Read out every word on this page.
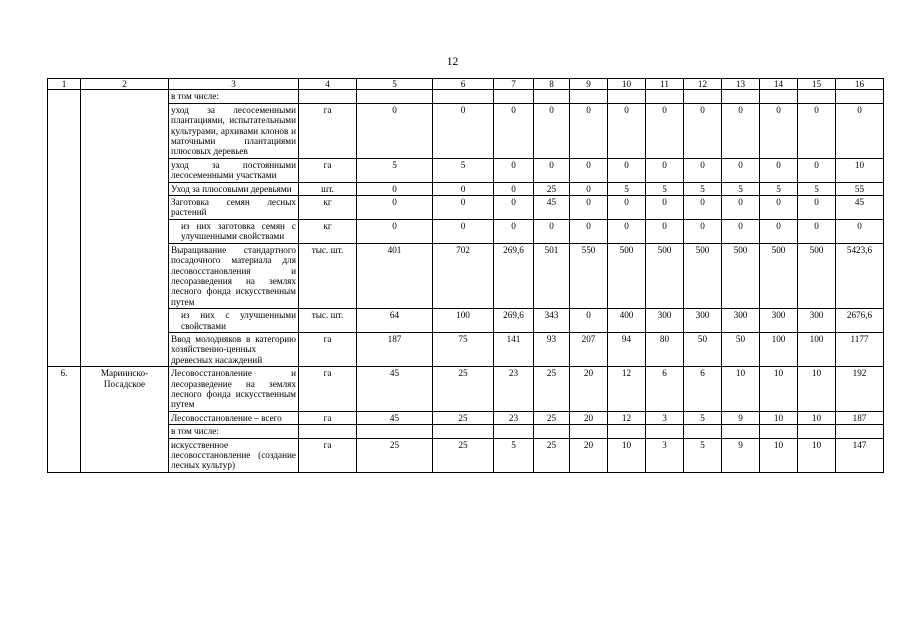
12
1	2	3	4	5	6	7	8	9	10	11	12	13	14	15	16
		в том числе:													
		уход за лесосеменными плантациями, испытательными культурами, архивами клонов и маточными плантациями плюсовых деревьев	га	0	0	0	0	0	0	0	0	0	0	0	0
		уход за постоянными лесосеменными участками	га	5	5	0	0	0	0	0	0	0	0	0	10
		Уход за плюсовыми деревьями	шт.	0	0	0	25	0	5	5	5	5	5	5	55
		Заготовка семян лесных растений	кг	0	0	0	45	0	0	0	0	0	0	0	45
		из них заготовка семян с улучшенными свойствами	кг	0	0	0	0	0	0	0	0	0	0	0	0
		Выращивание стандартного посадочного материала для лесовосстановления и лесоразведения на землях лесного фонда искусственным путем	тыс. шт.	401	702	269,6	501	550	500	500	500	500	500	500	5423,6
		из них с улучшенными свойствами	тыс. шт.	64	100	269,6	343	0	400	300	300	300	300	300	2676,6
		Ввод молодняков в категорию хозяйственно-ценных древесных насаждений	га	187	75	141	93	207	94	80	50	50	100	100	1177
6.	Мариинско-Посадское	Лесовосстановление и лесоразведение на землях лесного фонда искусственным путем	га	45	25	23	25	20	12	6	6	10	10	10	192
		Лесовосстановление – всего	га	45	25	23	25	20	12	3	5	9	10	10	187
		в том числе:													
		искусственное лесовосстановление (создание лесных культур)	га	25	25	5	25	20	10	3	5	9	10	10	147
